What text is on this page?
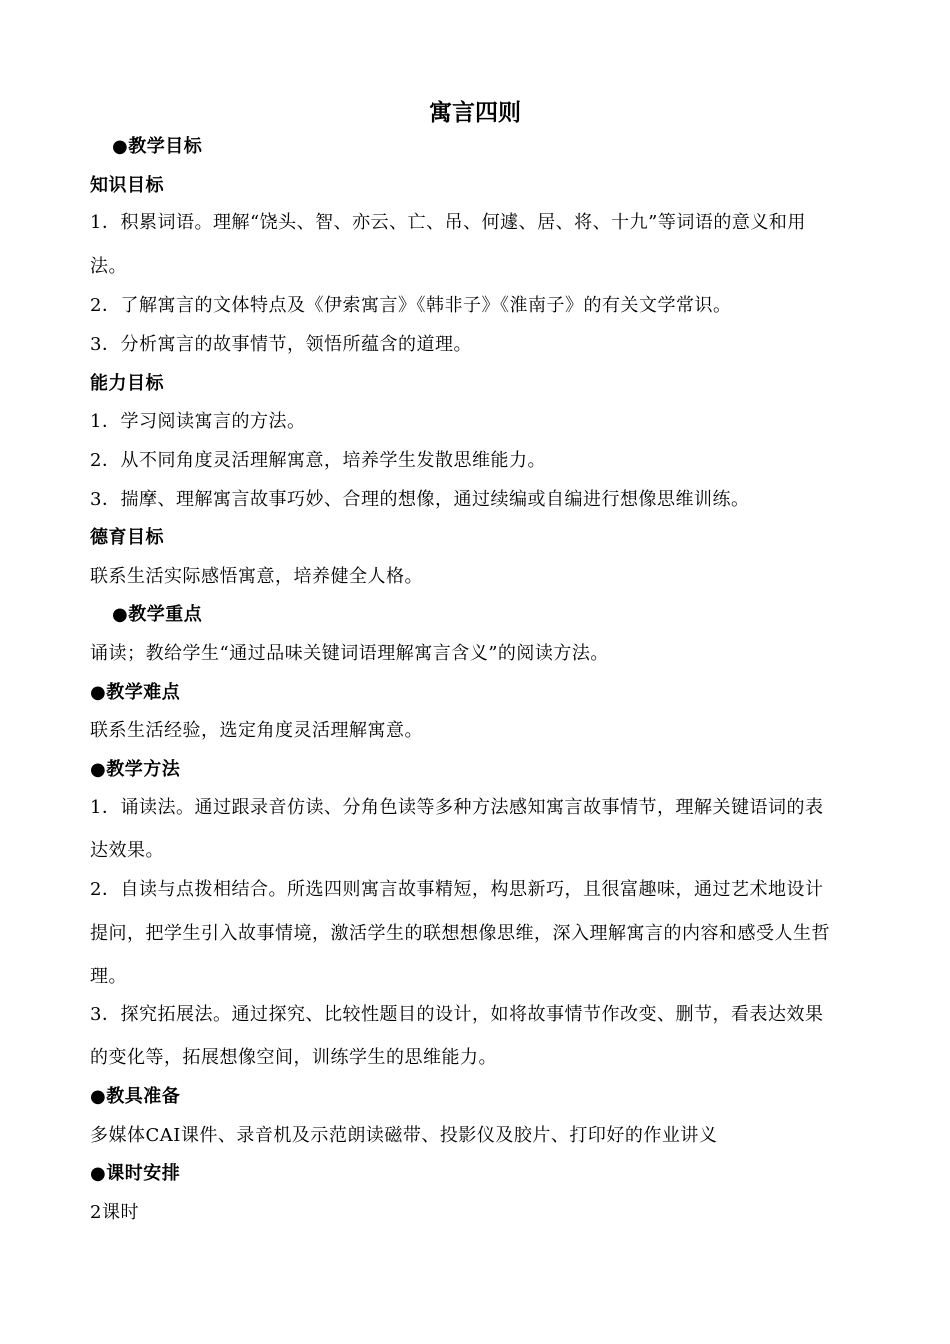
寓言四则

●教学目标

知识目标

1．积累词语。理解“饶头、智、亦云、亡、吊、何遽、居、将、十九”等词语的意义和用

法。

2．了解寓言的文体特点及《伊索寓言》《韩非子》《淮南子》的有关文学常识。

3．分析寓言的故事情节，领悟所蕴含的道理。

能力目标

1．学习阅读寓言的方法。

2．从不同角度灵活理解寓意，培养学生发散思维能力。

3．揣摩、理解寓言故事巧妙、合理的想像，通过续编或自编进行想像思维训练。

德育目标

联系生活实际感悟寓意，培养健全人格。

●教学重点

诵读；教给学生“通过品味关键词语理解寓言含义”的阅读方法。

●教学难点

联系生活经验，选定角度灵活理解寓意。

●教学方法

1．诵读法。通过跟录音仿读、分角色读等多种方法感知寓言故事情节，理解关键语词的表

达效果。

2．自读与点拨相结合。所选四则寓言故事精短，构思新巧，且很富趣味，通过艺术地设计

提问，把学生引入故事情境，激活学生的联想想像思维，深入理解寓言的内容和感受人生哲

理。

3．探究拓展法。通过探究、比较性题目的设计，如将故事情节作改变、删节，看表达效果

的变化等，拓展想像空间，训练学生的思维能力。

●教具准备

多媒体CAI课件、录音机及示范朗读磁带、投影仪及胶片、打印好的作业讲义

●课时安排

2课时
